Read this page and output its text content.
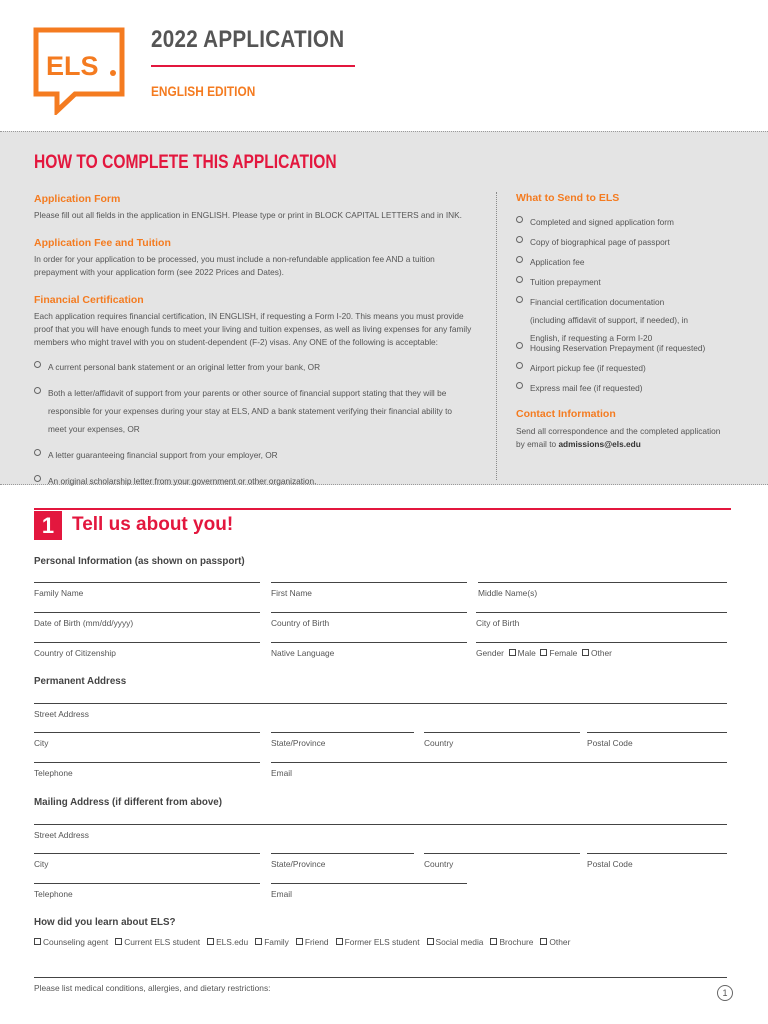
ELS
2022 APPLICATION
ENGLISH EDITION
HOW TO COMPLETE THIS APPLICATION
Application Form
Please fill out all fields in the application in ENGLISH. Please type or print in BLOCK CAPITAL LETTERS and in INK.
Application Fee and Tuition
In order for your application to be processed, you must include a non-refundable application fee AND a tuition prepayment with your application form (see 2022 Prices and Dates).
Financial Certification
Each application requires financial certification, IN ENGLISH, if requesting a Form I-20. This means you must provide proof that you will have enough funds to meet your living and tuition expenses, as well as living expenses for any family members who might travel with you on student-dependent (F-2) visas. Any ONE of the following is acceptable:
A current personal bank statement or an original letter from your bank, OR
Both a letter/affidavit of support from your parents or other source of financial support stating that they will be responsible for your expenses during your stay at ELS, AND a bank statement verifying their financial ability to meet your expenses, OR
A letter guaranteeing financial support from your employer, OR
An original scholarship letter from your government or other organization.
What to Send to ELS
Completed and signed application form
Copy of biographical page of passport
Application fee
Tuition prepayment
Financial certification documentation (including affidavit of support, if needed), in English, if requesting a Form I-20
Housing Reservation Prepayment (if requested)
Airport pickup fee (if requested)
Express mail fee (if requested)
Contact Information
Send all correspondence and the completed application by email to admissions@els.edu
1 Tell us about you!
Personal Information (as shown on passport)
Family Name	First Name	Middle Name(s)
Date of Birth (mm/dd/yyyy)	Country of Birth	City of Birth
Country of Citizenship	Native Language	Gender Male Female Other
Permanent Address
Street Address
City	State/Province	Country	Postal Code
Telephone	Email
Mailing Address (if different from above)
Street Address
City	State/Province	Country	Postal Code
Telephone	Email
How did you learn about ELS?
Counseling agent Current ELS student ELS.edu Family Friend Former ELS student Social media Brochure Other
Please list medical conditions, allergies, and dietary restrictions:	1
